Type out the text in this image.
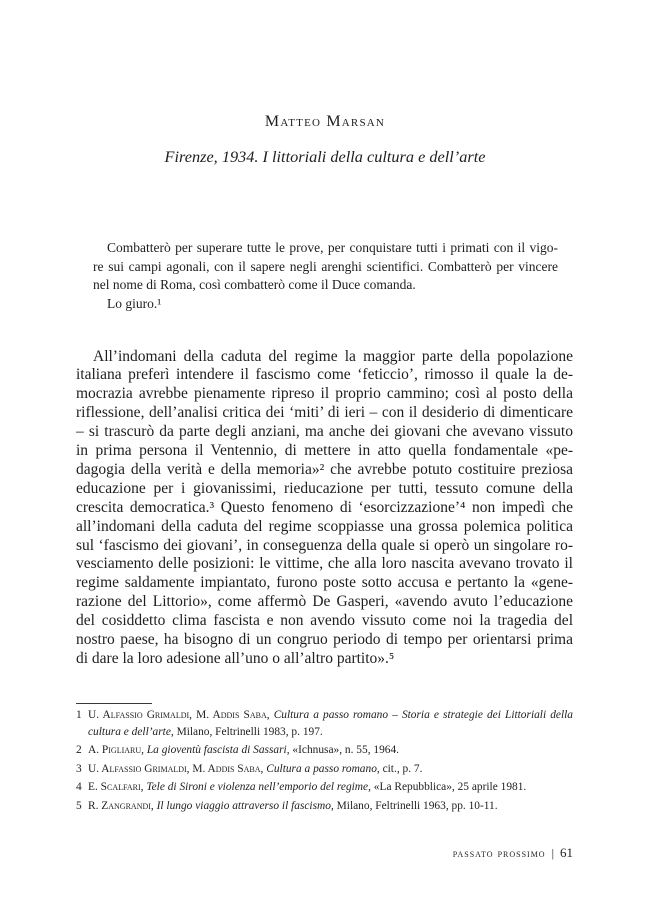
Matteo Marsan
Firenze, 1934. I littoriali della cultura e dell’arte
Combatterò per superare tutte le prove, per conquistare tutti i primati con il vigo-
re sui campi agonali, con il sapere negli arenghi scientifici. Combatterò per vincere
nel nome di Roma, così combatterò come il Duce comanda.
Lo giuro.¹
All’indomani della caduta del regime la maggior parte della popolazione
italiana preferì intendere il fascismo come ‘feticcio’, rimosso il quale la de-
mocrazia avrebbe pienamente ripreso il proprio cammino; così al posto della
riflessione, dell’analisi critica dei ‘miti’ di ieri – con il desiderio di dimenticare
– si trascurò da parte degli anziani, ma anche dei giovani che avevano vissuto
in prima persona il Ventennio, di mettere in atto quella fondamentale «pe-
dagogia della verità e della memoria»² che avrebbe potuto costituire preziosa
educazione per i giovanissimi, rieducazione per tutti, tessuto comune della
crescita democratica.³ Questo fenomeno di ‘esorcizzazione’⁴ non impedì che
all’indomani della caduta del regime scoppiasse una grossa polemica politica
sul ‘fascismo dei giovani’, in conseguenza della quale si operò un singolare ro-
vesciamento delle posizioni: le vittime, che alla loro nascita avevano trovato il
regime saldamente impiantato, furono poste sotto accusa e pertanto la «gene-
razione del Littorio», come affermò De Gasperi, «avendo avuto l’educazione
del cosiddetto clima fascista e non avendo vissuto come noi la tragedia del
nostro paese, ha bisogno di un congruo periodo di tempo per orientarsi prima
di dare la loro adesione all’uno o all’altro partito».⁵
1 U. Alfassio Grimaldi, M. Addis Saba, Cultura a passo romano – Storia e strategie dei Littoriali della cultura e dell’arte, Milano, Feltrinelli 1983, p. 197.
2 A. Pigliaru, La gioventù fascista di Sassari, «Ichnusa», n. 55, 1964.
3 U. Alfassio Grimaldi, M. Addis Saba, Cultura a passo romano, cit., p. 7.
4 E. Scalfari, Tele di Sironi e violenza nell’emporio del regime, «La Repubblica», 25 aprile 1981.
5 R. Zangrandi, Il lungo viaggio attraverso il fascismo, Milano, Feltrinelli 1963, pp. 10-11.
passato prossimo | 61
